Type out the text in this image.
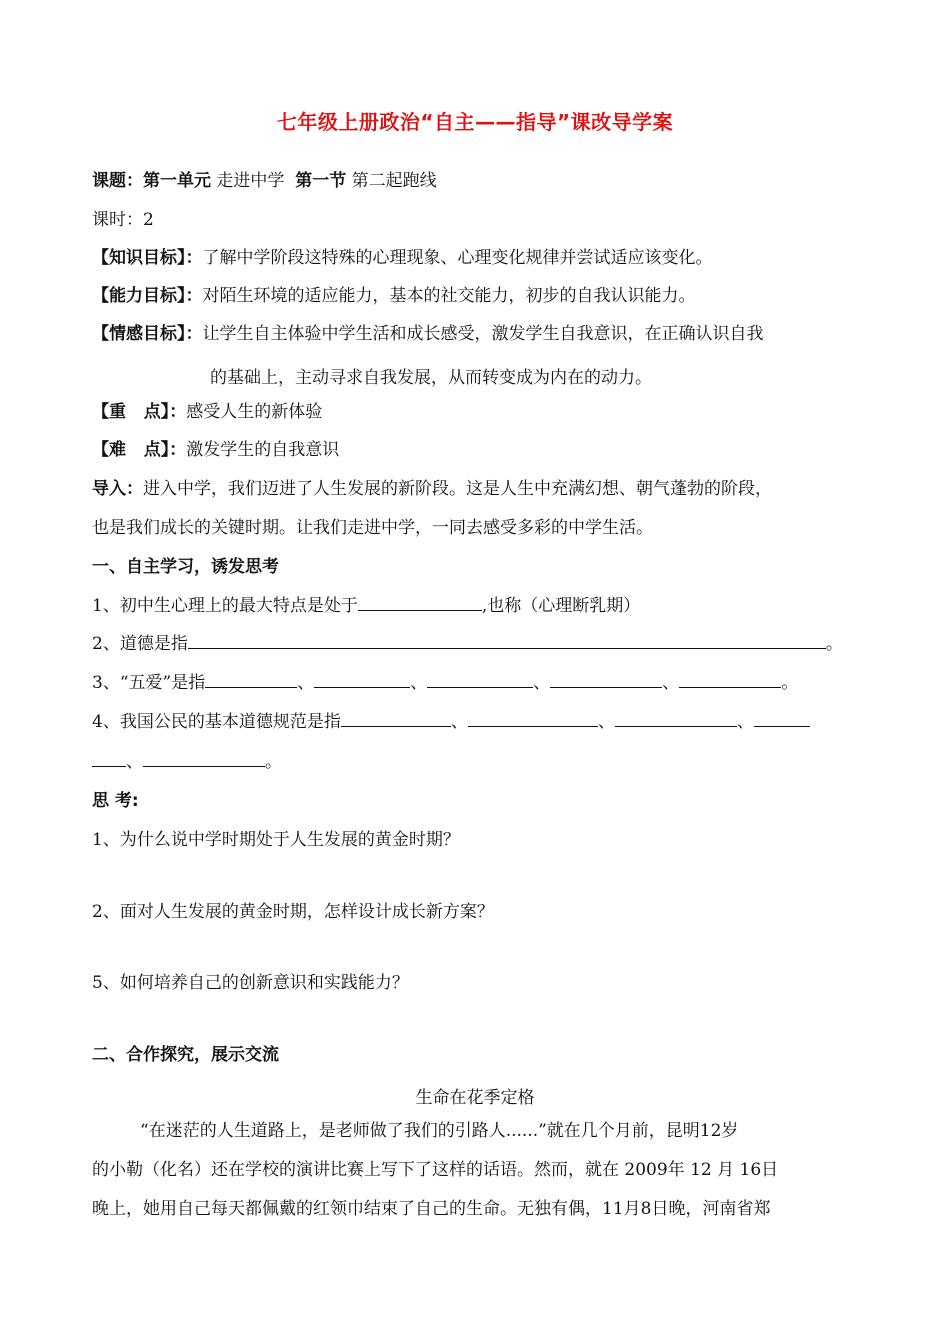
七年级上册政治“自主——指导”课改导学案
课题：第一单元 走进中学  第一节 第二起跑线
课时：2
【知识目标】：了解中学阶段这特殊的心理现象、心理变化规律并尝试适应该变化。
【能力目标】：对陌生环境的适应能力，基本的社交能力，初步的自我认识能力。
【情感目标】：让学生自主体验中学生活和成长感受，激发学生自我意识，在正确认识自我
的基础上，主动寻求自我发展，从而转变成为内在的动力。
【重   点】：感受人生的新体验
【难   点】：激发学生的自我意识
导入：进入中学，我们迈进了人生发展的新阶段。这是人生中充满幻想、朝气蓬勃的阶段，
也是我们成长的关键时期。让我们走进中学，一同去感受多彩的中学生活。
一、自主学习，诱发思考
1、初中生心理上的最大特点是处于	,也称（心理断乳期）
2、道德是指	。
3、“五爱”是指	、	、	、	、	。
4、我国公民的基本道德规范是指	、	、	、
、	。
思 考:
1、为什么说中学时期处于人生发展的黄金时期？
2、面对人生发展的黄金时期，怎样设计成长新方案？
5、如何培养自己的创新意识和实践能力？
二、合作探究，展示交流
生命在花季定格
“在迷茫的人生道路上，是老师做了我们的引路人......”就在几个月前，昆明12岁
的小勒（化名）还在学校的演讲比赛上写下了这样的话语。然而，就在 2009年 12 月 16日
晚上，她用自己每天都佩戴的红领巾结束了自己的生命。无独有偶，11月8日晚，河南省郑
